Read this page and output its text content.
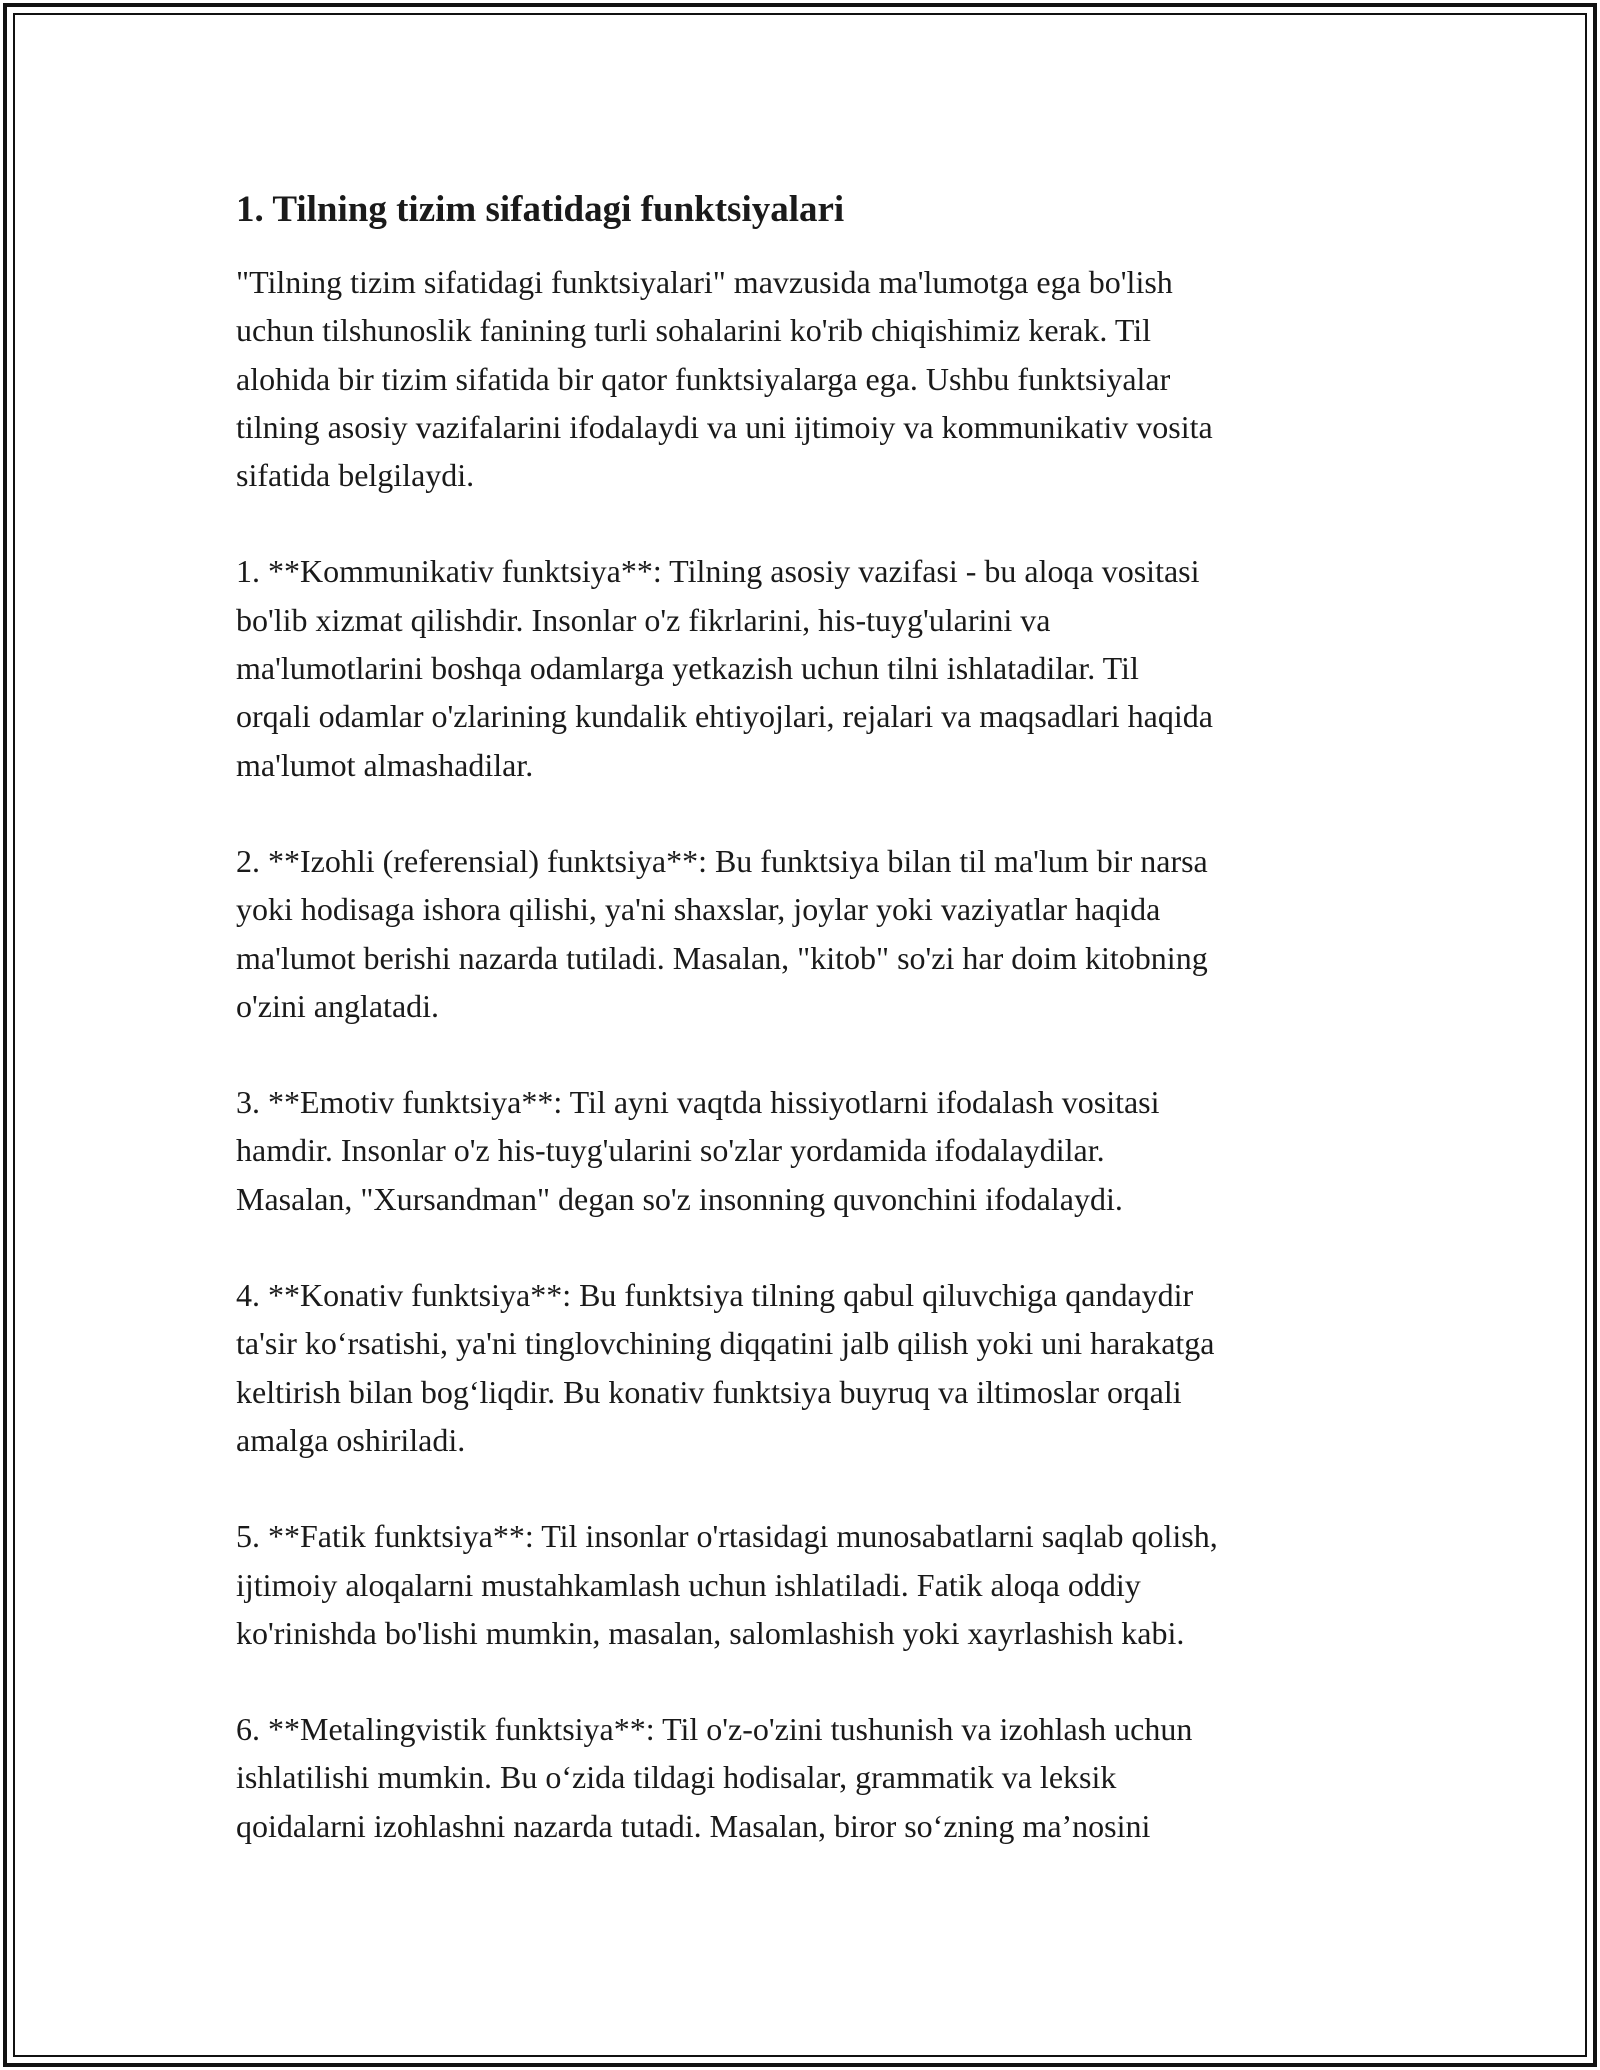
1. Tilning tizim sifatidagi funktsiyalari

"Tilning tizim sifatidagi funktsiyalari" mavzusida ma'lumotga ega bo'lish
uchun tilshunoslik fanining turli sohalarini ko'rib chiqishimiz kerak. Til
alohida bir tizim sifatida bir qator funktsiyalarga ega. Ushbu funktsiyalar
tilning asosiy vazifalarini ifodalaydi va uni ijtimoiy va kommunikativ vosita
sifatida belgilaydi.

1. **Kommunikativ funktsiya**: Tilning asosiy vazifasi - bu aloqa vositasi
bo'lib xizmat qilishdir. Insonlar o'z fikrlarini, his-tuyg'ularini va
ma'lumotlarini boshqa odamlarga yetkazish uchun tilni ishlatadilar. Til
orqali odamlar o'zlarining kundalik ehtiyojlari, rejalari va maqsadlari haqida
ma'lumot almashadilar.

2. **Izohli (referensial) funktsiya**: Bu funktsiya bilan til ma'lum bir narsa
yoki hodisaga ishora qilishi, ya'ni shaxslar, joylar yoki vaziyatlar haqida
ma'lumot berishi nazarda tutiladi. Masalan, "kitob" so'zi har doim kitobning
o'zini anglatadi.

3. **Emotiv funktsiya**: Til ayni vaqtda hissiyotlarni ifodalash vositasi
hamdir. Insonlar o'z his-tuyg'ularini so'zlar yordamida ifodalaydilar.
Masalan, "Xursandman" degan so'z insonning quvonchini ifodalaydi.

4. **Konativ funktsiya**: Bu funktsiya tilning qabul qiluvchiga qandaydir
ta'sir ko‘rsatishi, ya'ni tinglovchining diqqatini jalb qilish yoki uni harakatga
keltirish bilan bog‘liqdir. Bu konativ funktsiya buyruq va iltimoslar orqali
amalga oshiriladi.

5. **Fatik funktsiya**: Til insonlar o'rtasidagi munosabatlarni saqlab qolish,
ijtimoiy aloqalarni mustahkamlash uchun ishlatiladi. Fatik aloqa oddiy
ko'rinishda bo'lishi mumkin, masalan, salomlashish yoki xayrlashish kabi.

6. **Metalingvistik funktsiya**: Til o'z-o'zini tushunish va izohlash uchun
ishlatilishi mumkin. Bu o‘zida tildagi hodisalar, grammatik va leksik
qoidalarni izohlashni nazarda tutadi. Masalan, biror so‘zning ma’nosini
